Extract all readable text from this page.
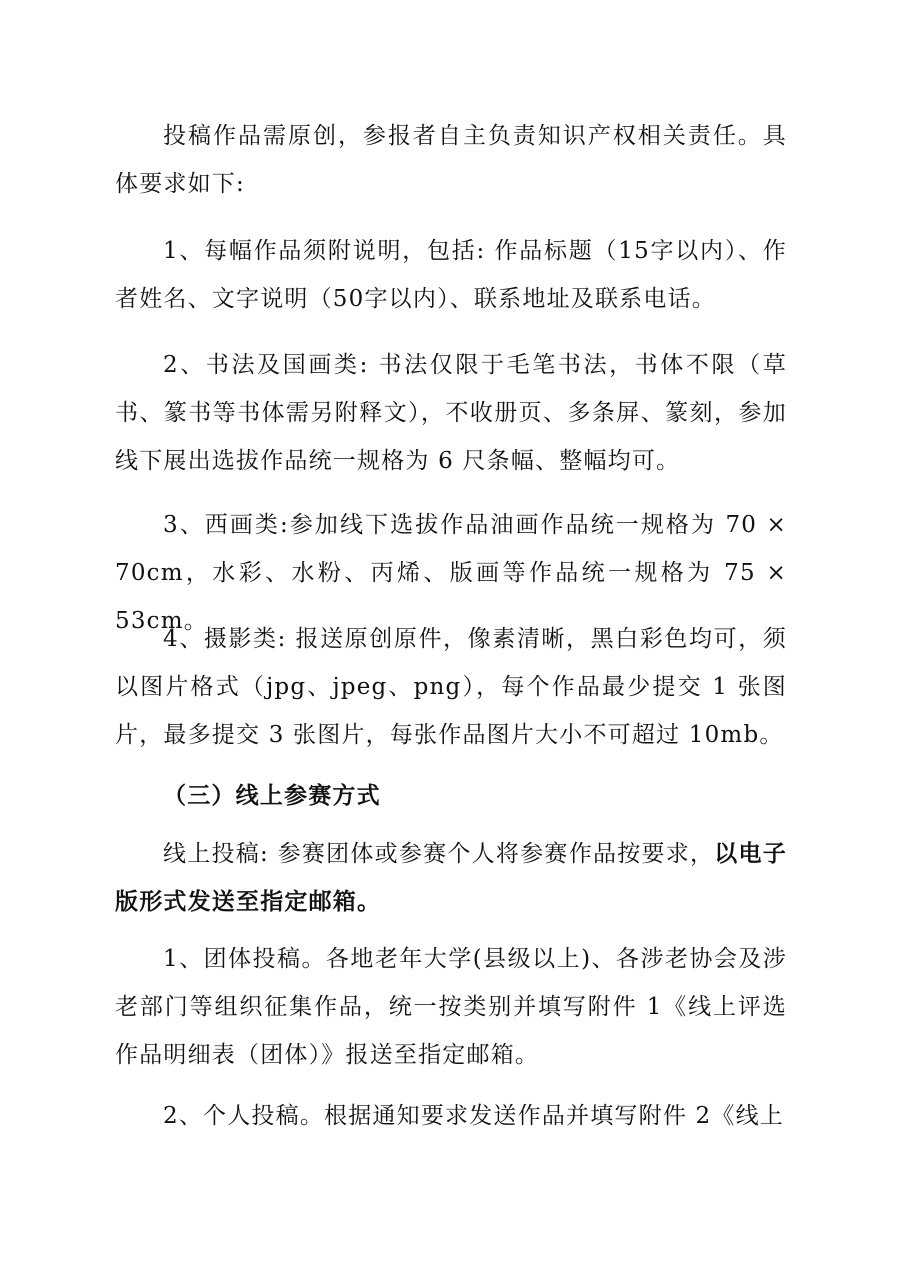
投稿作品需原创，参报者自主负责知识产权相关责任。具体要求如下:

1、每幅作品须附说明，包括: 作品标题（15字以内）、作者姓名、文字说明（50字以内）、联系地址及联系电话。

2、书法及国画类: 书法仅限于毛笔书法，书体不限（草书、篆书等书体需另附释文），不收册页、多条屏、篆刻，参加线下展出选拔作品统一规格为 6 尺条幅、整幅均可。

3、西画类:参加线下选拔作品油画作品统一规格为 70 × 70cm，水彩、水粉、丙烯、版画等作品统一规格为 75 × 53cm。

4、摄影类: 报送原创原件，像素清晰，黑白彩色均可，须以图片格式（jpg、jpeg、png），每个作品最少提交 1 张图片，最多提交 3 张图片，每张作品图片大小不可超过 10mb。

（三）线上参赛方式

线上投稿: 参赛团体或参赛个人将参赛作品按要求，以电子版形式发送至指定邮箱。

1、团体投稿。各地老年大学(县级以上)、各涉老协会及涉老部门等组织征集作品，统一按类别并填写附件 1《线上评选作品明细表（团体）》报送至指定邮箱。

2、个人投稿。根据通知要求发送作品并填写附件 2《线上
